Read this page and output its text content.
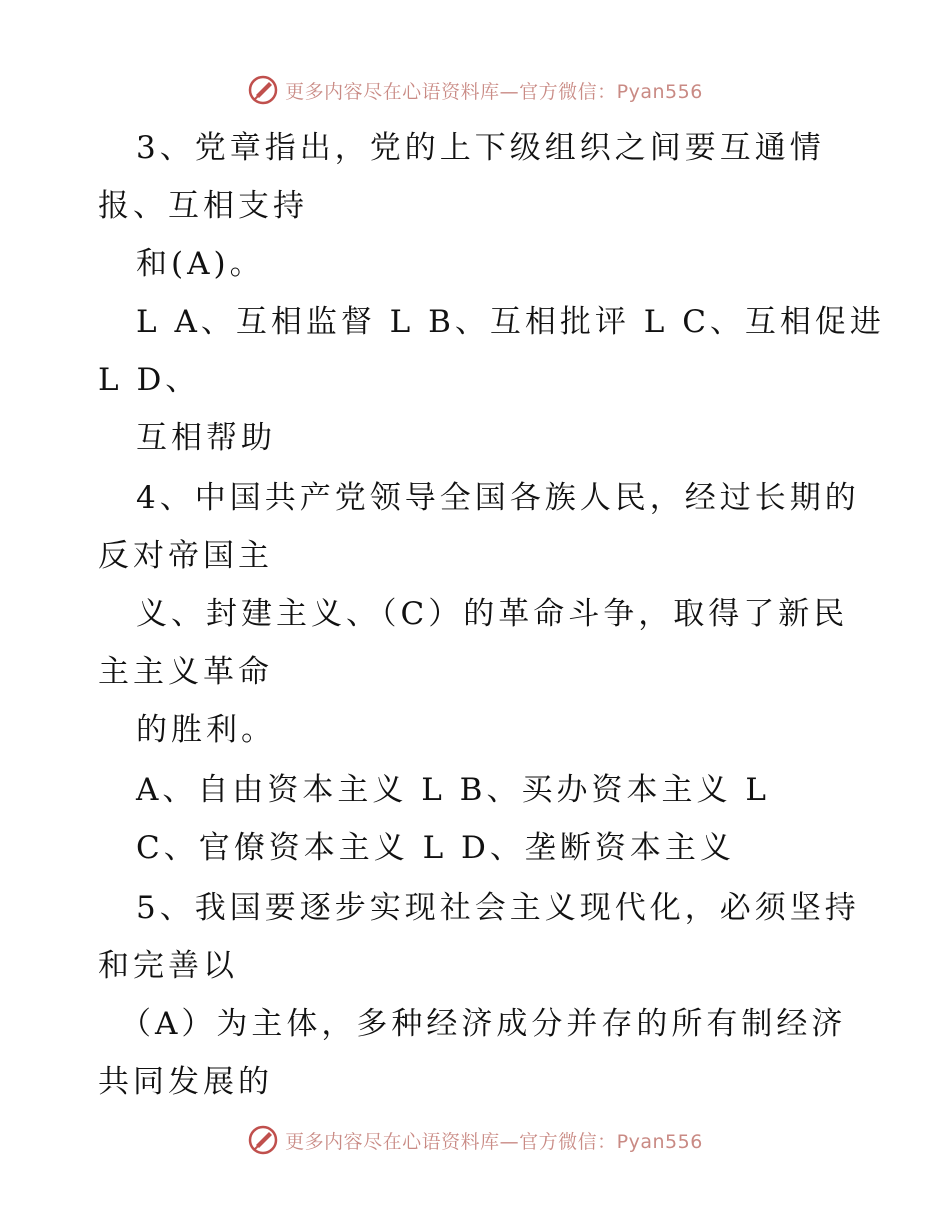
更多内容尽在心语资料库—官方微信：Pyan556
3、党章指出，党的上下级组织之间要互通情
报、互相支持
和(A)。
L A、互相监督 L B、互相批评 L C、互相促进
L D、
互相帮助
4、中国共产党领导全国各族人民，经过长期的
反对帝国主
义、封建主义、（C）的革命斗争，取得了新民
主主义革命
的胜利。
A、自由资本主义 L B、买办资本主义 L
C、官僚资本主义 L D、垄断资本主义
5、我国要逐步实现社会主义现代化，必须坚持
和完善以
（A）为主体，多种经济成分并存的所有制经济
共同发展的
更多内容尽在心语资料库—官方微信：Pyan556
